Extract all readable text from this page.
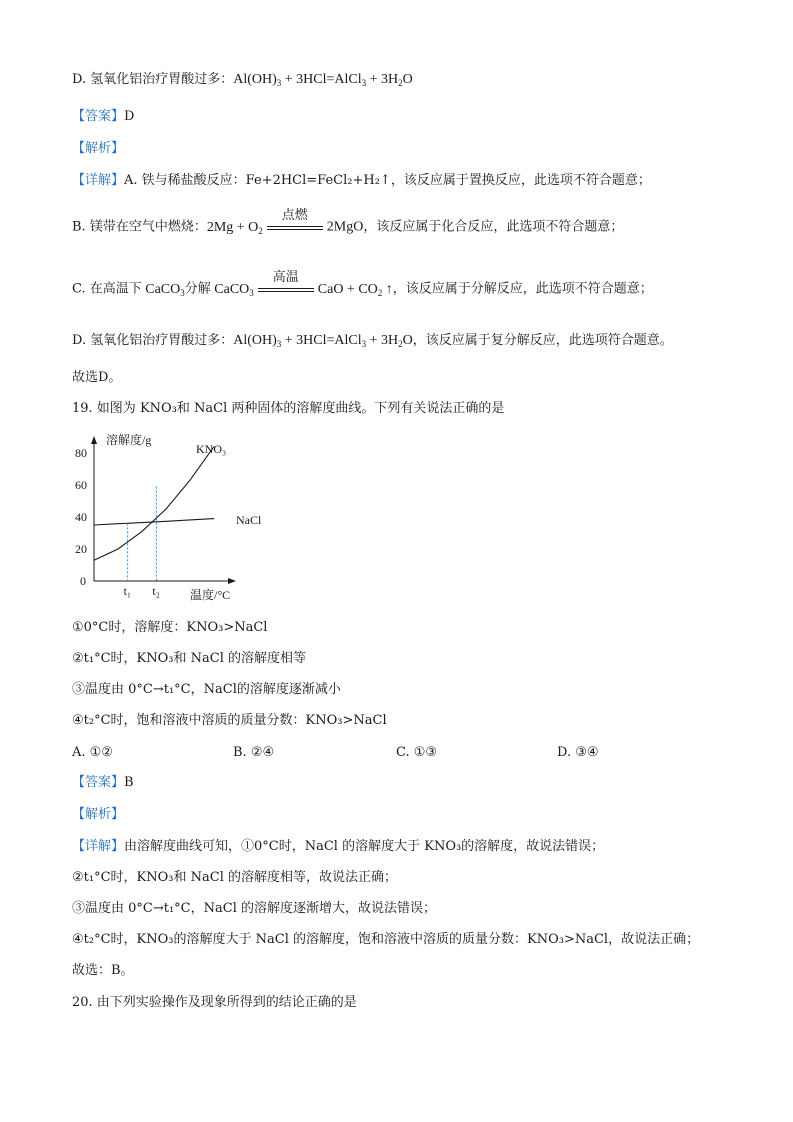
D. 氢氧化铝治疗胃酸过多：$Al(OH)_3$ + 3HCl=AlCl$_3$ + $3H_2O$
【答案】D
【解析】
【详解】A. 铁与稀盐酸反应：Fe+2HCl=FeCl₂+H₂↑，该反应属于置换反应，此选项不符合题意；
B. 镁带在空气中燃烧：$2Mg + O_2$
点燃
2MgO，该反应属于化合反应，此选项不符合题意；
C. 在高温下 CaCO$_3$分解 CaCO$_3$
高温
CaO + $CO_2$ ↑，该反应属于分解反应，此选项不符合题意；
D. 氢氧化铝治疗胃酸过多：$Al(OH)_3$ + 3HCl=AlCl$_3$ + $3H_2O$，该反应属于复分解反应，此选项符合题意。
故选D。
19. 如图为 KNO₃和 NaCl 两种固体的溶解度曲线。下列有关说法正确的是
80
60
40
20
KNO₃
NaCl
t₁ t₂
溶解度/g
温度/°C
0
①0°C时，溶解度：KNO₃>NaCl
②t₁°C时，KNO₃和 NaCl 的溶解度相等
③温度由 0°C→t₁°C，NaCl的溶解度逐渐减小
④t₂°C时，饱和溶液中溶质的质量分数：KNO₃>NaCl
A. ①②	B. ②④	C. ①③	D. ③④
【答案】B
【解析】
【详解】由溶解度曲线可知，①0°C时，NaCl 的溶解度大于 KNO₃的溶解度，故说法错误；
②t₁°C时，KNO₃和 NaCl 的溶解度相等，故说法正确；
③温度由 0°C→t₁°C，NaCl 的溶解度逐渐增大，故说法错误；
④t₂°C时，KNO₃的溶解度大于 NaCl 的溶解度，饱和溶液中溶质的质量分数：KNO₃>NaCl，故说法正确；
故选：B。
20. 由下列实验操作及现象所得到的结论正确的是
